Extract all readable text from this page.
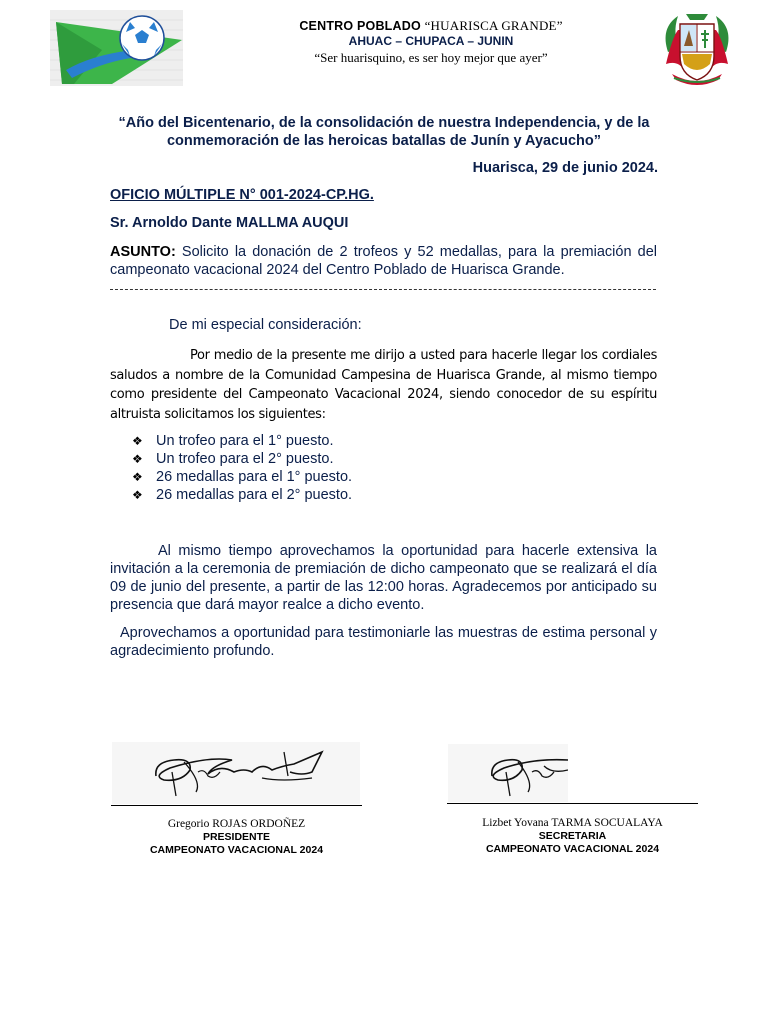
CENTRO POBLADO “HUARISCA GRANDE”
AHUAC – CHUPACA – JUNIN
“Ser huarisquino, es ser hoy mejor que ayer”
“Año del Bicentenario, de la consolidación de nuestra Independencia, y de la conmemoración de las heroicas batallas de Junín y Ayacucho”
Huarisca, 29 de junio 2024.
OFICIO MÚLTIPLE N° 001-2024-CP.HG.
Sr. Arnoldo Dante MALLMA AUQUI
ASUNTO: Solicito la donación de 2 trofeos y 52 medallas, para la premiación del campeonato vacacional 2024 del Centro Poblado de Huarisca Grande.
De mi especial consideración:
Por medio de la presente me dirijo a usted para hacerle llegar los cordiales saludos a nombre de la Comunidad Campesina de Huarisca Grande, al mismo tiempo como presidente del Campeonato Vacacional 2024, siendo conocedor de su espíritu altruista solicitamos los siguientes:
❖ Un trofeo para el 1° puesto.
❖ Un trofeo para el 2° puesto.
❖ 26 medallas para el 1° puesto.
❖ 26 medallas para el 2° puesto.
Al mismo tiempo aprovechamos la oportunidad para hacerle extensiva la invitación a la ceremonia de premiación de dicho campeonato que se realizará el día 09 de junio del presente, a partir de las 12:00 horas. Agradecemos por anticipado su presencia que dará mayor realce a dicho evento.
Aprovechamos a oportunidad para testimoniarle las muestras de estima personal y agradecimiento profundo.
Gregorio ROJAS ORDOÑEZ
PRESIDENTE
CAMPEONATO VACACIONAL 2024
Lizbet Yovana TARMA SOCUALAYA
SECRETARIA
CAMPEONATO VACACIONAL 2024
